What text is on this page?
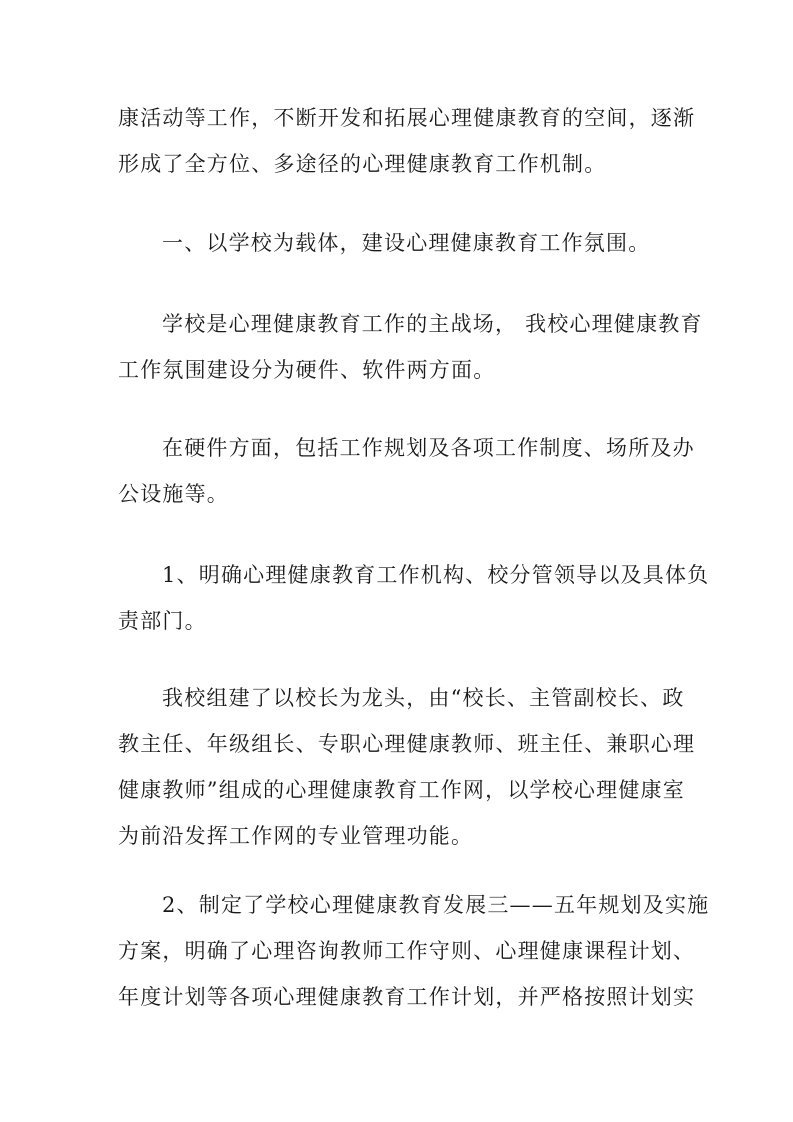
康活动等工作，不断开发和拓展心理健康教育的空间，逐渐
形成了全方位、多途径的心理健康教育工作机制。

一、以学校为载体，建设心理健康教育工作氛围。

学校是心理健康教育工作的主战场， 我校心理健康教育
工作氛围建设分为硬件、软件两方面。

在硬件方面，包括工作规划及各项工作制度、场所及办
公设施等。

1、明确心理健康教育工作机构、校分管领导以及具体负
责部门。

我校组建了以校长为龙头，由“校长、主管副校长、政
教主任、年级组长、专职心理健康教师、班主任、兼职心理
健康教师”组成的心理健康教育工作网，以学校心理健康室
为前沿发挥工作网的专业管理功能。

2、制定了学校心理健康教育发展三——五年规划及实施
方案，明确了心理咨询教师工作守则、心理健康课程计划、
年度计划等各项心理健康教育工作计划，并严格按照计划实
